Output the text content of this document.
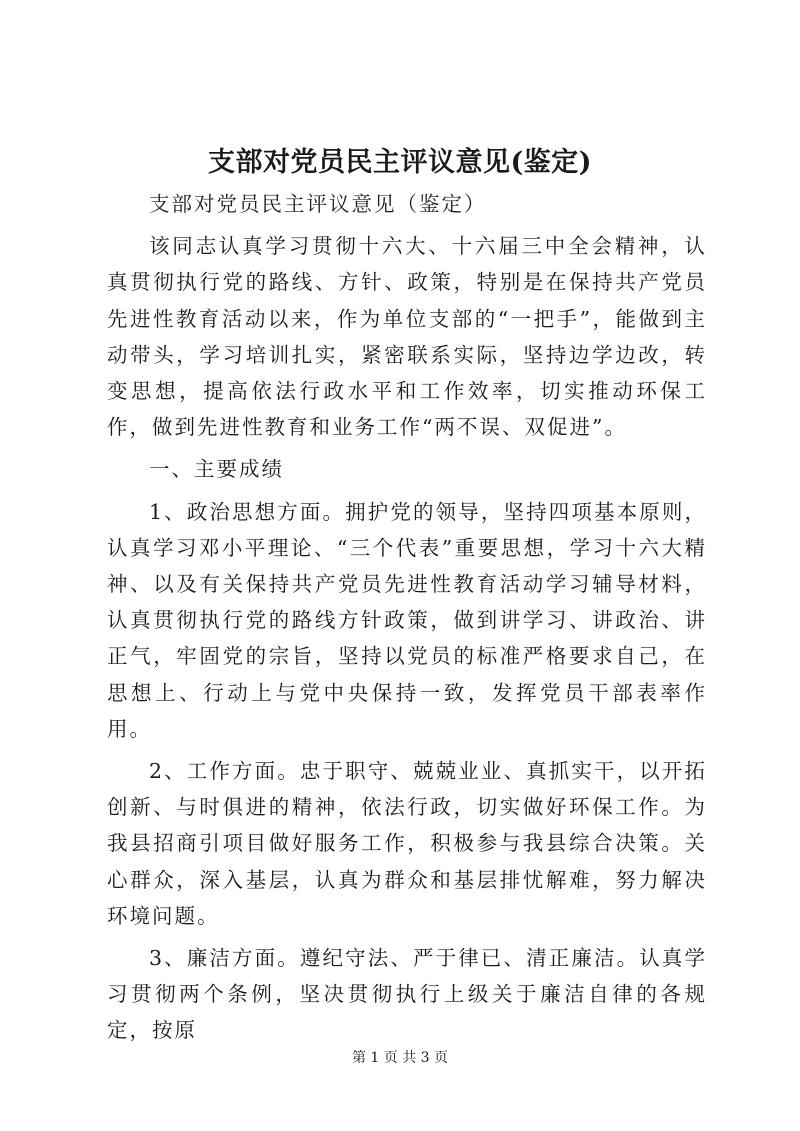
支部对党员民主评议意见(鉴定)

支部对党员民主评议意见（鉴定）

该同志认真学习贯彻十六大、十六届三中全会精神，认真贯彻执行党的路线、方针、政策，特别是在保持共产党员先进性教育活动以来，作为单位支部的“一把手”，能做到主动带头，学习培训扎实，紧密联系实际，坚持边学边改，转变思想，提高依法行政水平和工作效率，切实推动环保工作，做到先进性教育和业务工作“两不误、双促进”。

一、主要成绩

1、政治思想方面。拥护党的领导，坚持四项基本原则，认真学习邓小平理论、“三个代表”重要思想，学习十六大精神、以及有关保持共产党员先进性教育活动学习辅导材料，认真贯彻执行党的路线方针政策，做到讲学习、讲政治、讲正气，牢固党的宗旨，坚持以党员的标准严格要求自己，在思想上、行动上与党中央保持一致，发挥党员干部表率作用。

2、工作方面。忠于职守、兢兢业业、真抓实干，以开拓创新、与时俱进的精神，依法行政，切实做好环保工作。为我县招商引项目做好服务工作，积极参与我县综合决策。关心群众，深入基层，认真为群众和基层排忧解难，努力解决环境问题。

3、廉洁方面。遵纪守法、严于律已、清正廉洁。认真学习贯彻两个条例，坚决贯彻执行上级关于廉洁自律的各规定，按原

第 1 页 共 3 页
